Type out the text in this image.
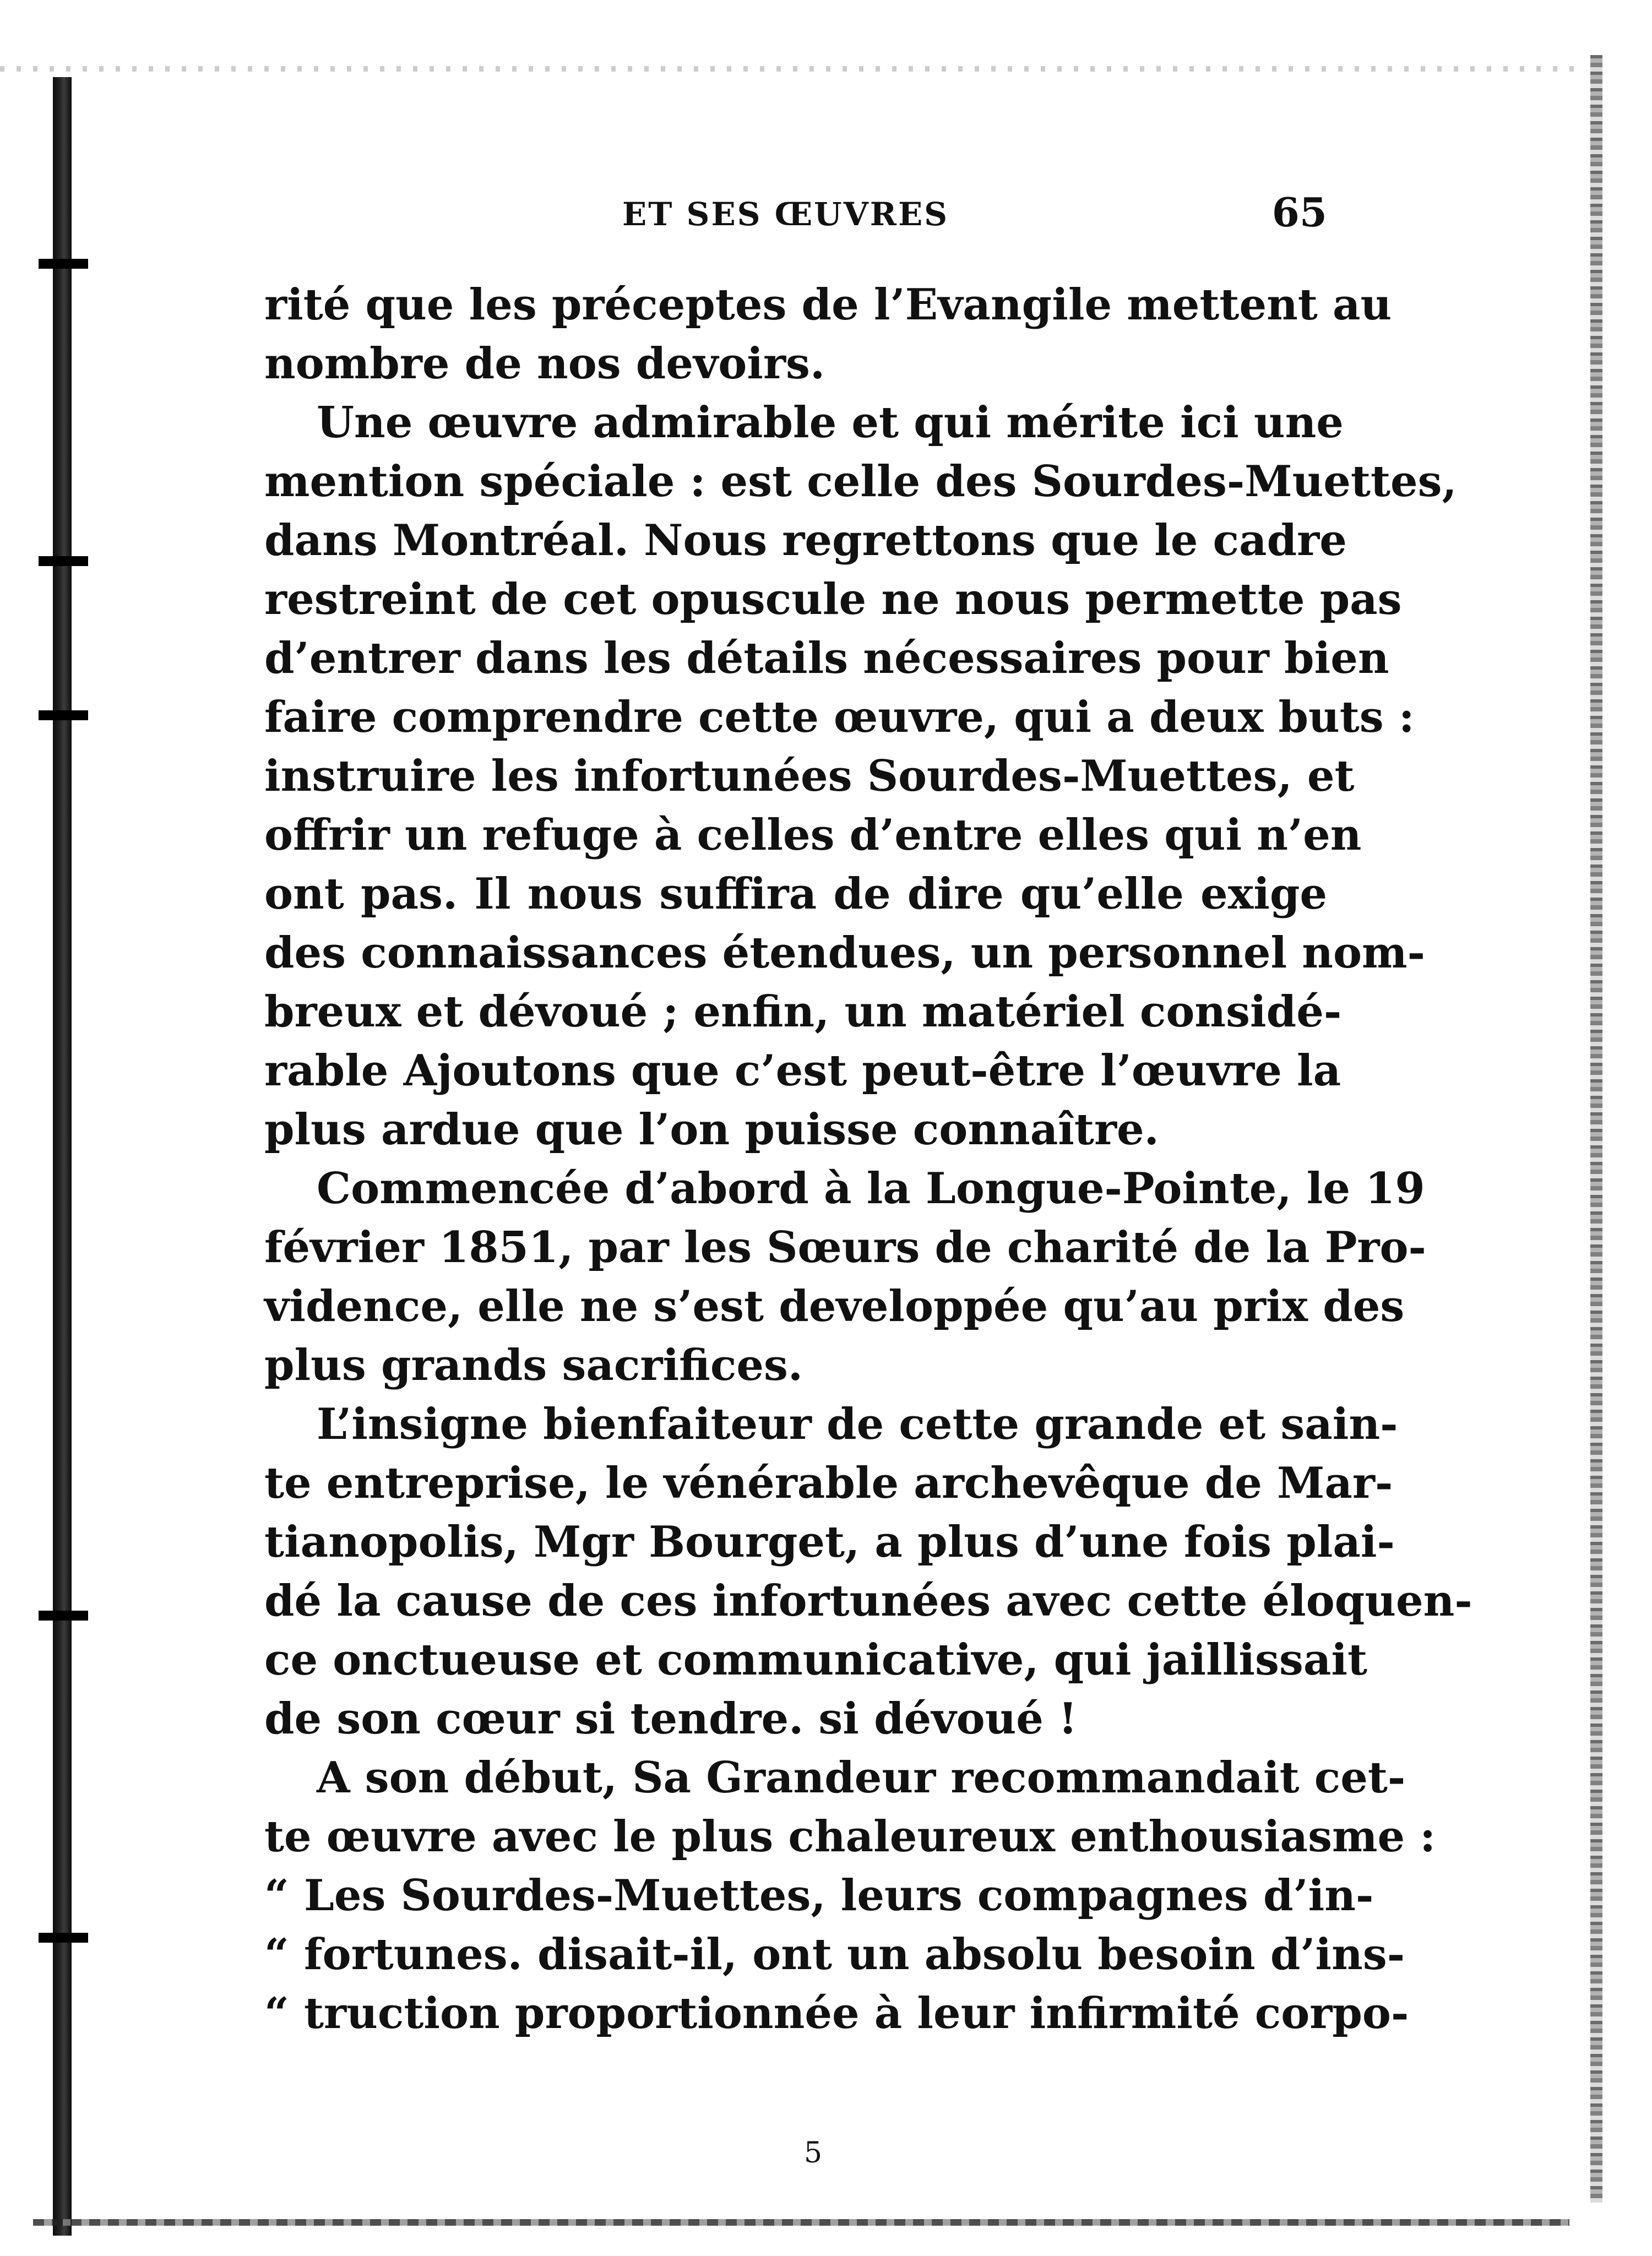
ET SES ŒUVRES	65
rité que les préceptes de l’Evangile mettent au
nombre de nos devoirs.
Une œuvre admirable et qui mérite ici une
mention spéciale : est celle des Sourdes-Muettes,
dans Montréal. Nous regrettons que le cadre
restreint de cet opuscule ne nous permette pas
d’entrer dans les détails nécessaires pour bien
faire comprendre cette œuvre, qui a deux buts :
instruire les infortunées Sourdes-Muettes, et
offrir un refuge à celles d’entre elles qui n’en
ont pas. Il nous suffira de dire qu’elle exige
des connaissances étendues, un personnel nom-
breux et dévoué ; enfin, un matériel considé-
rable Ajoutons que c’est peut-être l’œuvre la
plus ardue que l’on puisse connaître.
Commencée d’abord à la Longue-Pointe, le 19
février 1851, par les Sœurs de charité de la Pro-
vidence, elle ne s’est developpée qu’au prix des
plus grands sacrifices.
L’insigne bienfaiteur de cette grande et sain-
te entreprise, le vénérable archevêque de Mar-
tianopolis, Mgr Bourget, a plus d’une fois plai-
dé la cause de ces infortunées avec cette éloquen-
ce onctueuse et communicative, qui jaillissait
de son cœur si tendre. si dévoué !
A son début, Sa Grandeur recommandait cet-
te œuvre avec le plus chaleureux enthousiasme :
“ Les Sourdes-Muettes, leurs compagnes d’in-
“ fortunes. disait-il, ont un absolu besoin d’ins-
“ truction proportionnée à leur infirmité corpo-
5
